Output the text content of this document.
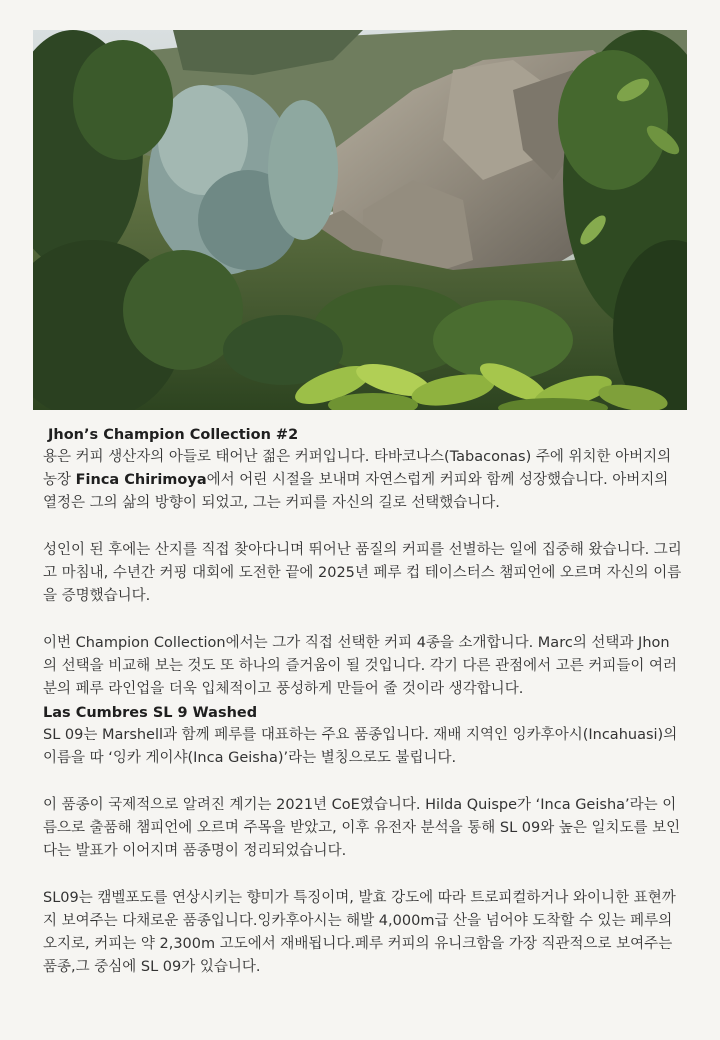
Jhon’s Champion Collection #2

용은 커피 생산자의 아들로 태어난 젊은 커퍼입니다. 타바코나스(Tabaconas) 주에 위치한 아버지의 농장 Finca Chirimoya에서 어린 시절을 보내며 자연스럽게 커피와 함께 성장했습니다. 아버지의 열정은 그의 삶의 방향이 되었고, 그는 커피를 자신의 길로 선택했습니다.

성인이 된 후에는 산지를 직접 찾아다니며 뛰어난 품질의 커피를 선별하는 일에 집중해 왔습니다. 그리고 마침내, 수년간 커핑 대회에 도전한 끝에 2025년 페루 컵 테이스터스 챔피언에 오르며 자신의 이름을 증명했습니다.

이번 Champion Collection에서는 그가 직접 선택한 커피 4종을 소개합니다. Marc의 선택과 Jhon의 선택을 비교해 보는 것도 또 하나의 즐거움이 될 것입니다. 각기 다른 관점에서 고른 커피들이 여러분의 페루 라인업을 더욱 입체적이고 풍성하게 만들어 줄 것이라 생각합니다.

Las Cumbres SL 9 Washed

SL 09는 Marshell과 함께 페루를 대표하는 주요 품종입니다. 재배 지역인 잉카후아시(Incahuasi)의 이름을 따 ‘잉카 게이샤(Inca Geisha)’라는 별칭으로도 불립니다.

이 품종이 국제적으로 알려진 계기는 2021년 CoE였습니다. Hilda Quispe가 ‘Inca Geisha’라는 이름으로 출품해 챔피언에 오르며 주목을 받았고, 이후 유전자 분석을 통해 SL 09와 높은 일치도를 보인다는 발표가 이어지며 품종명이 정리되었습니다.

SL09는 캠벨포도를 연상시키는 향미가 특징이며, 발효 강도에 따라 트로피컬하거나 와이니한 표현까지 보여주는 다채로운 품종입니다.잉카후아시는 해발 4,000m급 산을 넘어야 도착할 수 있는 페루의 오지로, 커피는 약 2,300m 고도에서 재배됩니다.페루 커피의 유니크함을 가장 직관적으로 보여주는 품종,그 중심에 SL 09가 있습니다.
